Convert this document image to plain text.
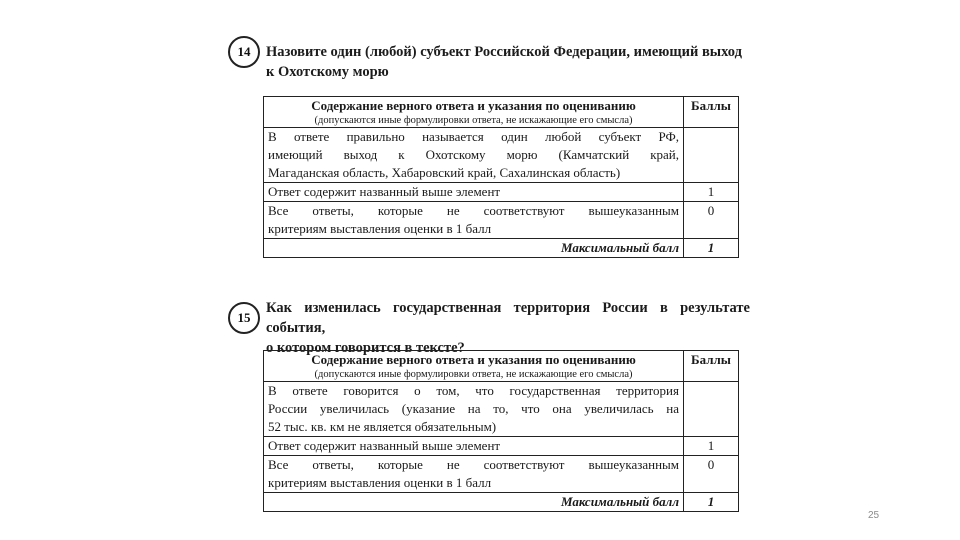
14	Назовите один (любой) субъект Российской Федерации, имеющий выход
к Охотскому морю
Содержание верного ответа и указания по оцениванию
(допускаются иные формулировки ответа, не искажающие его смысла)	Баллы

В ответе правильно называется один любой субъект РФ,
имеющий выход к Охотскому морю (Камчатский край,
Магаданская область, Хабаровский край, Сахалинская область)	

Ответ содержит названный выше элемент	1

Все ответы, которые не соответствуют вышеуказанным
критериям выставления оценки в 1 балл	0
Максимальный балл	1
15
Как изменилась государственная территория России в результате события,
о котором говорится в тексте?
Содержание верного ответа и указания по оцениванию
(допускаются иные формулировки ответа, не искажающие его смысла)	Баллы

В ответе говорится о том, что государственная территория
России увеличилась (указание на то, что она увеличилась на
52 тыс. кв. км не является обязательным)	

Ответ содержит названный выше элемент	1

Все ответы, которые не соответствуют вышеуказанным
критериям выставления оценки в 1 балл	0
Максимальный балл	1
25
